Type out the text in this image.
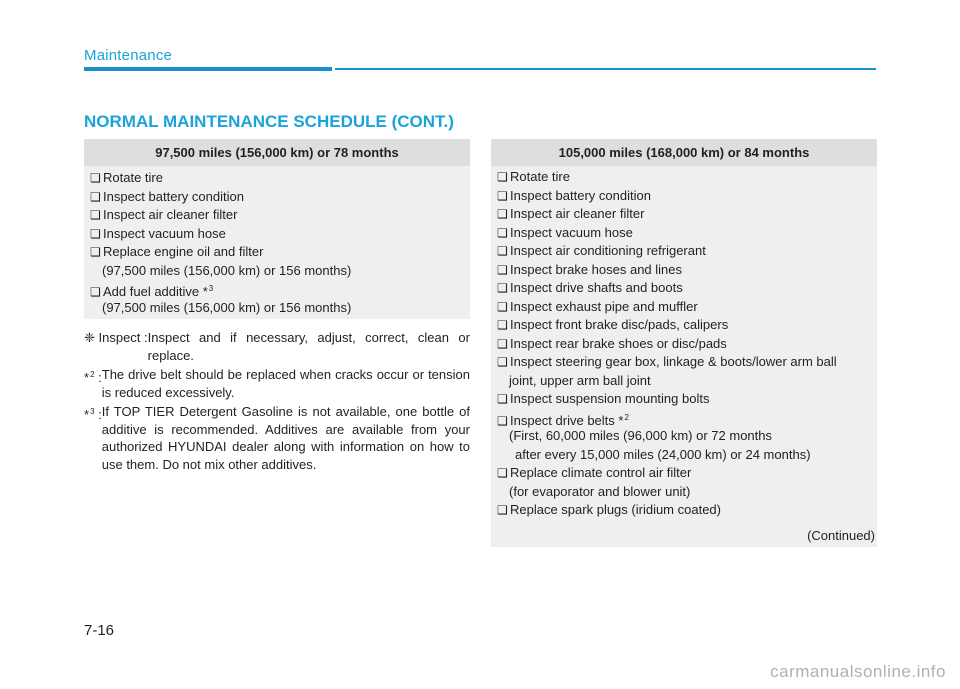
Maintenance
NORMAL MAINTENANCE SCHEDULE (CONT.)
97,500 miles (156,000 km) or 78 months
❑ Rotate tire
❑ Inspect battery condition
❑ Inspect air cleaner filter
❑ Inspect vacuum hose
❑ Replace engine oil and filter
(97,500 miles (156,000 km) or 156 months)
❑ Add fuel additive *$^3$
(97,500 miles (156,000 km) or 156 months)
❈ Inspect : Inspect and if necessary, adjust, correct, clean or replace.
*$^2$ : The drive belt should be replaced when cracks occur or tension is reduced excessively.
*$^3$ : If TOP TIER Detergent Gasoline is not available, one bottle of additive is recommended. Additives are available from your authorized HYUNDAI dealer along with information on how to use them. Do not mix other additives.
105,000 miles (168,000 km) or 84 months
❑ Rotate tire
❑ Inspect battery condition
❑ Inspect air cleaner filter
❑ Inspect vacuum hose
❑ Inspect air conditioning refrigerant
❑ Inspect brake hoses and lines
❑ Inspect drive shafts and boots
❑ Inspect exhaust pipe and muffler
❑ Inspect front brake disc/pads, calipers
❑ Inspect rear brake shoes or disc/pads
❑ Inspect steering gear box, linkage & boots/lower arm ball
joint, upper arm ball joint
❑ Inspect suspension mounting bolts
❑ Inspect drive belts *$^2$
(First, 60,000 miles (96,000 km) or 72 months
after every 15,000 miles (24,000 km) or 24 months)
❑ Replace climate control air filter
(for evaporator and blower unit)
❑ Replace spark plugs (iridium coated)
(Continued)
7-16
carmanualsonline.info
